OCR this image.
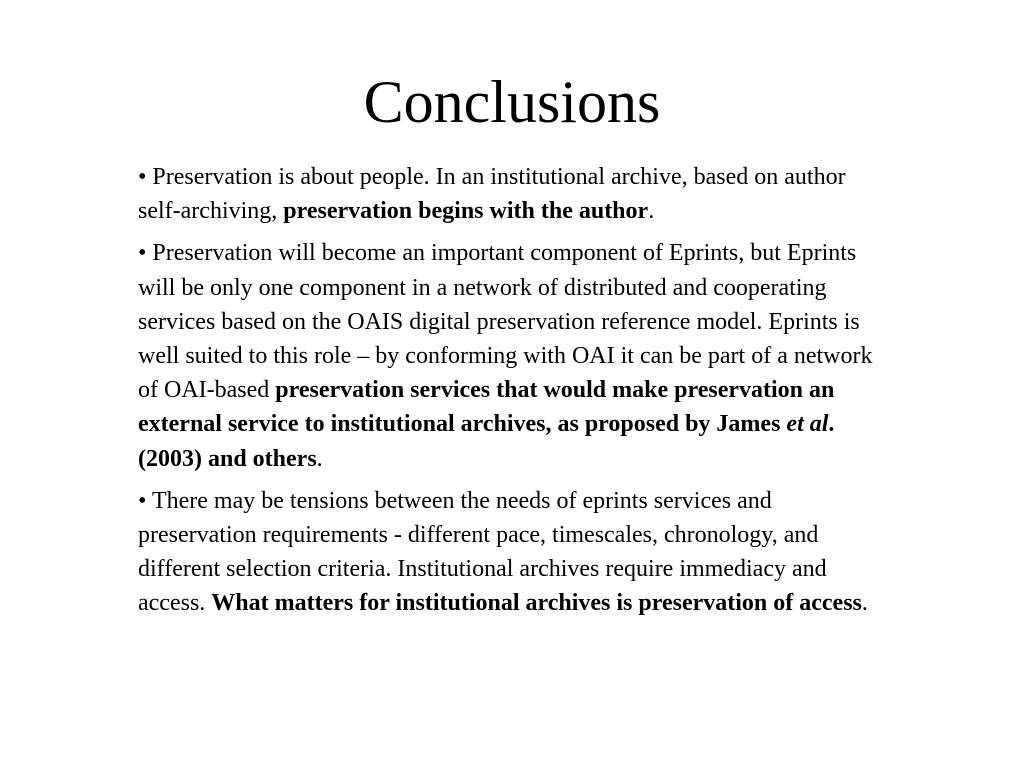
Conclusions

• Preservation is about people. In an institutional archive, based on author self-archiving, preservation begins with the author.

• Preservation will become an important component of Eprints, but Eprints will be only one component in a network of distributed and cooperating services based on the OAIS digital preservation reference model. Eprints is well suited to this role – by conforming with OAI it can be part of a network of OAI-based preservation services that would make preservation an external service to institutional archives, as proposed by James et al. (2003) and others.

• There may be tensions between the needs of eprints services and preservation requirements - different pace, timescales, chronology, and different selection criteria. Institutional archives require immediacy and access. What matters for institutional archives is preservation of access.
